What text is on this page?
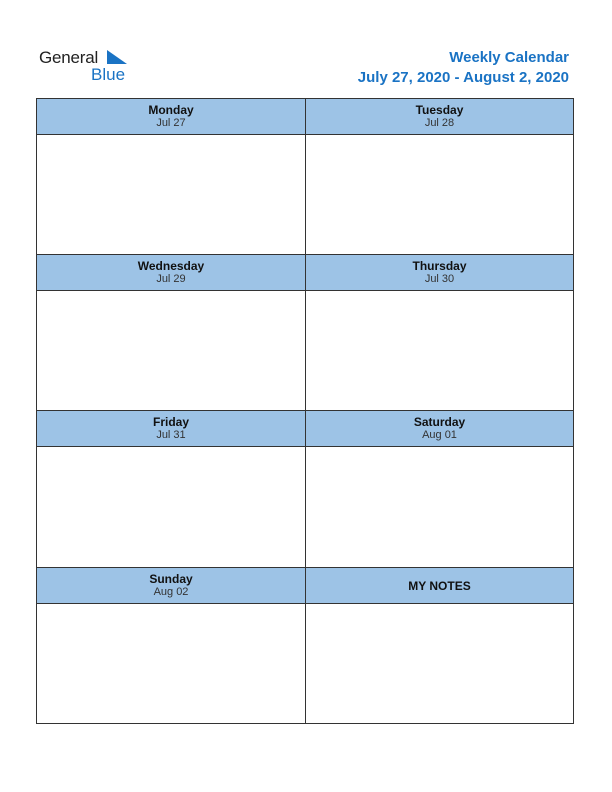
General
Blue
Weekly Calendar
July 27, 2020 - August 2, 2020
Monday
Jul 27
Tuesday
Jul 28
Wednesday
Jul 29
Thursday
Jul 30
Friday
Jul 31
Saturday
Aug 01
Sunday
Aug 02	MY NOTES
